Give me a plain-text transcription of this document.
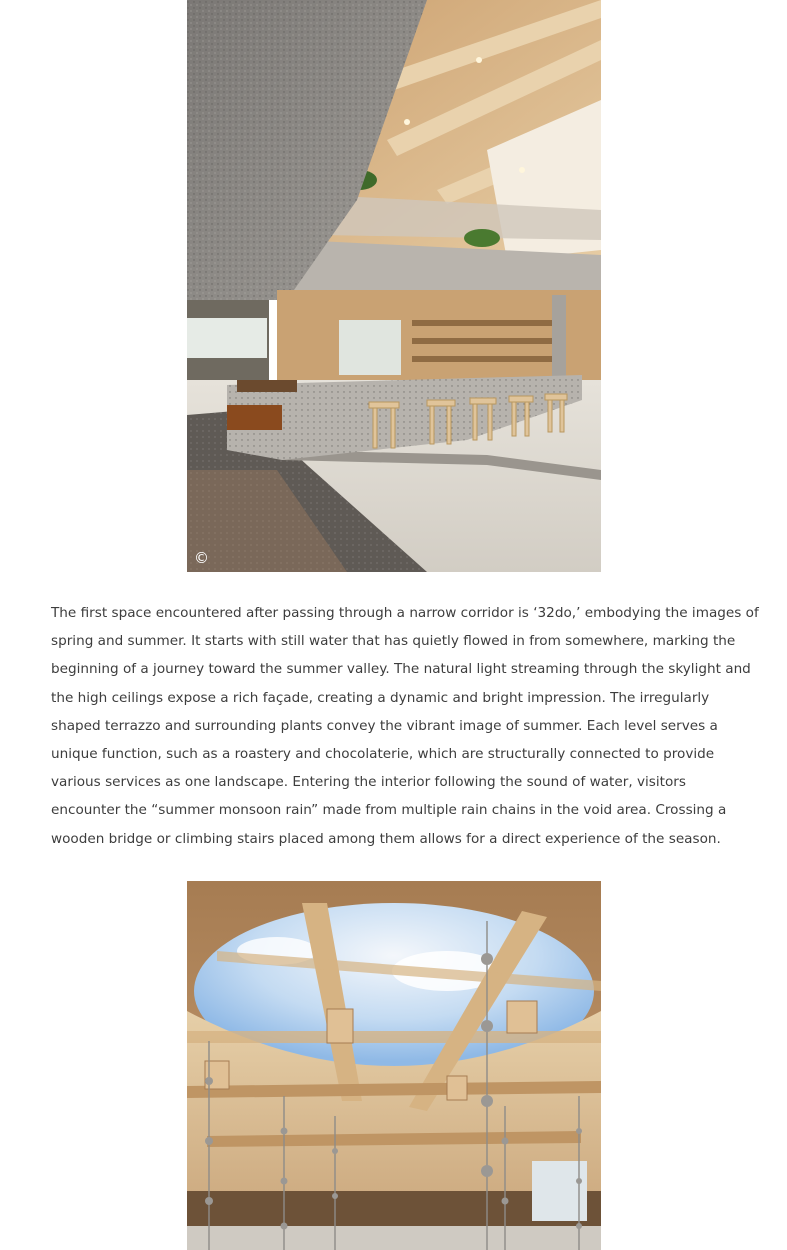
©

The first space encountered after passing through a narrow corridor is ‘32do,’ embodying the images of
spring and summer. It starts with still water that has quietly flowed in from somewhere, marking the
beginning of a journey toward the summer valley. The natural light streaming through the skylight and
the high ceilings expose a rich façade, creating a dynamic and bright impression. The irregularly
shaped terrazzo and surrounding plants convey the vibrant image of summer. Each level serves a
unique function, such as a roastery and chocolaterie, which are structurally connected to provide
various services as one landscape. Entering the interior following the sound of water, visitors
encounter the “summer monsoon rain” made from multiple rain chains in the void area. Crossing a
wooden bridge or climbing stairs placed among them allows for a direct experience of the season.
